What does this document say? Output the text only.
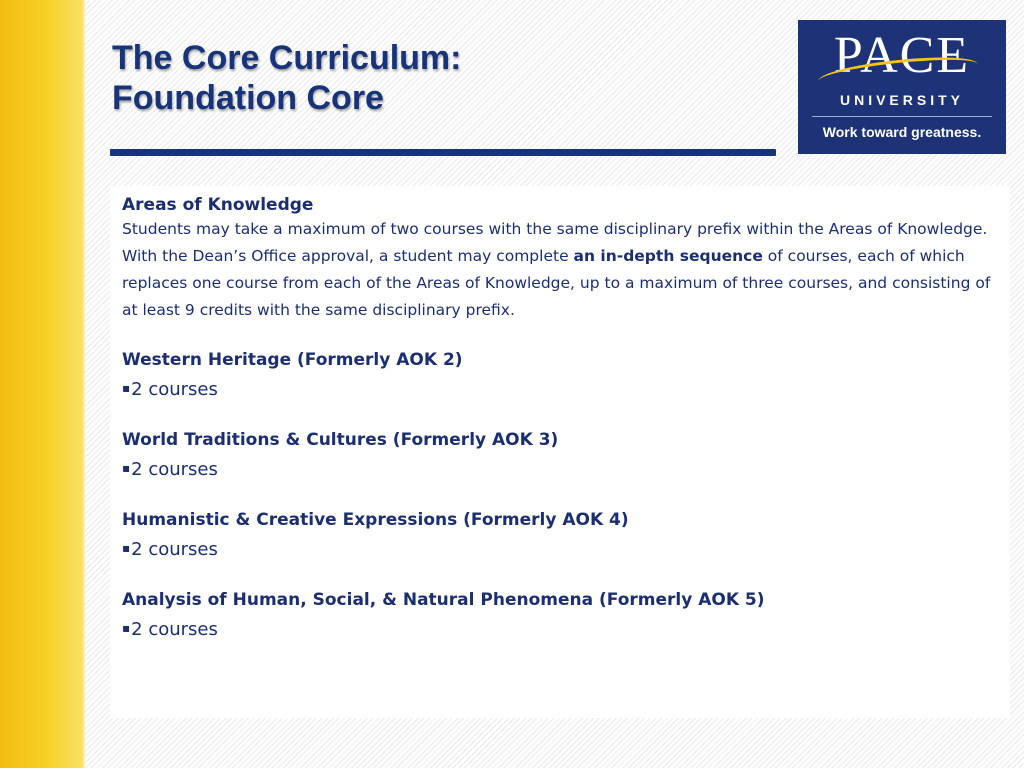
The Core Curriculum:
Foundation Core
PACE
UNIVERSITY
Work toward greatness.

Areas of Knowledge

Students may take a maximum of two courses with the same disciplinary prefix within the Areas of Knowledge.

With the Dean’s Office approval, a student may complete an in-depth sequence of courses, each of which replaces one course from each of the Areas of Knowledge, up to a maximum of three courses, and consisting of at least 9 credits with the same disciplinary prefix.

Western Heritage (Formerly AOK 2)

▪2 courses

World Traditions & Cultures (Formerly AOK 3)

▪2 courses

Humanistic & Creative Expressions (Formerly AOK 4)

▪2 courses

Analysis of Human, Social, & Natural Phenomena (Formerly AOK 5)

▪2 courses
